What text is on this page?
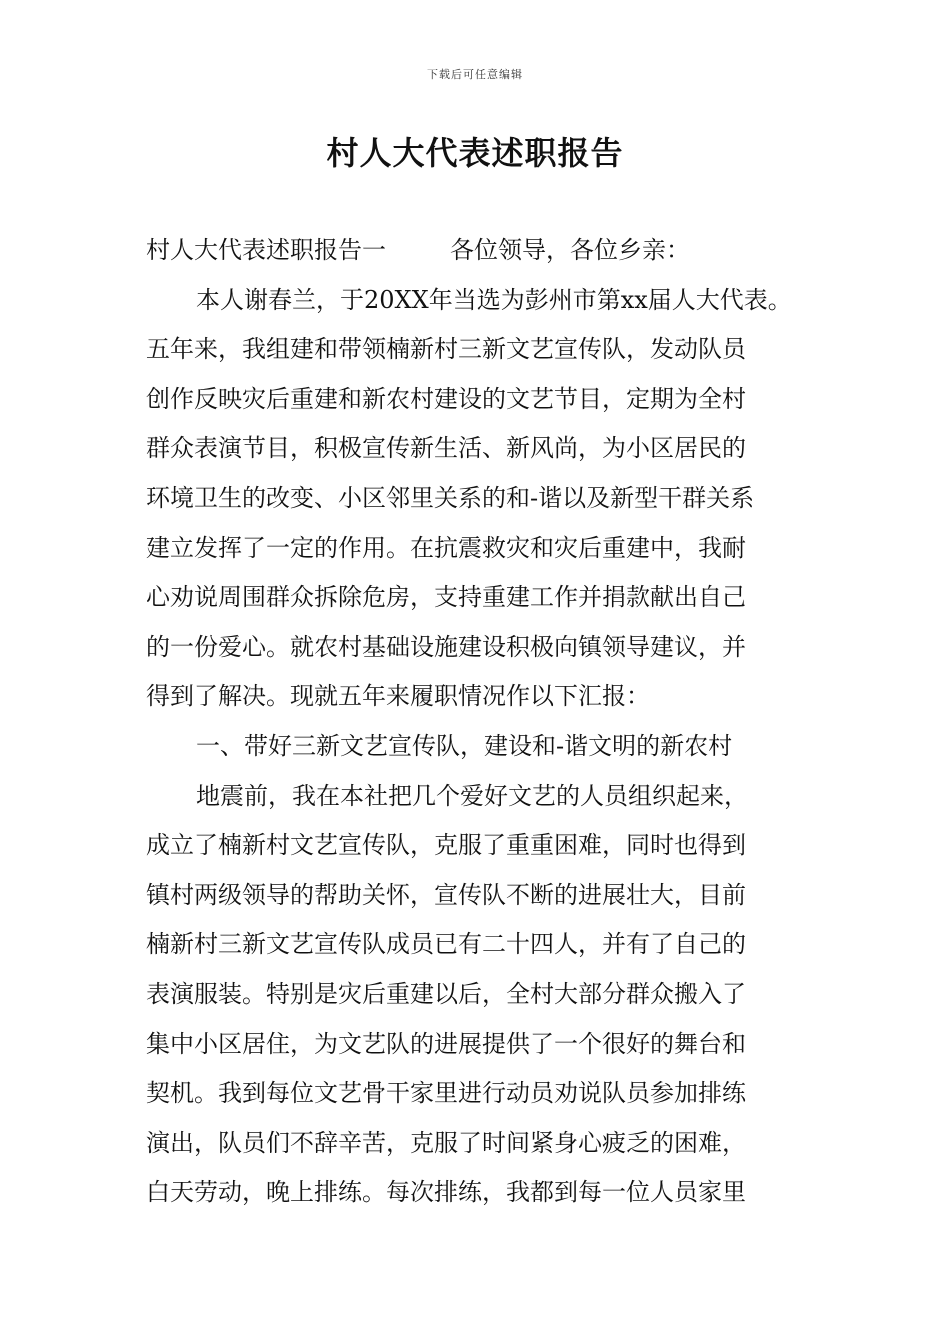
下载后可任意编辑
村人大代表述职报告
村人大代表述职报告一	各位领导，各位乡亲：
本人谢春兰，于20XX年当选为彭州市第xx届人大代表。
五年来，我组建和带领楠新村三新文艺宣传队，发动队员
创作反映灾后重建和新农村建设的文艺节目，定期为全村
群众表演节目，积极宣传新生活、新风尚，为小区居民的
环境卫生的改变、小区邻里关系的和-谐以及新型干群关系
建立发挥了一定的作用。在抗震救灾和灾后重建中，我耐
心劝说周围群众拆除危房，支持重建工作并捐款献出自己
的一份爱心。就农村基础设施建设积极向镇领导建议，并
得到了解决。现就五年来履职情况作以下汇报：
一、带好三新文艺宣传队，建设和-谐文明的新农村
地震前，我在本社把几个爱好文艺的人员组织起来，
成立了楠新村文艺宣传队，克服了重重困难，同时也得到
镇村两级领导的帮助关怀，宣传队不断的进展壮大，目前
楠新村三新文艺宣传队成员已有二十四人，并有了自己的
表演服装。特别是灾后重建以后，全村大部分群众搬入了
集中小区居住，为文艺队的进展提供了一个很好的舞台和
契机。我到每位文艺骨干家里进行动员劝说队员参加排练
演出，队员们不辞辛苦，克服了时间紧身心疲乏的困难，
白天劳动，晚上排练。每次排练，我都到每一位人员家里
